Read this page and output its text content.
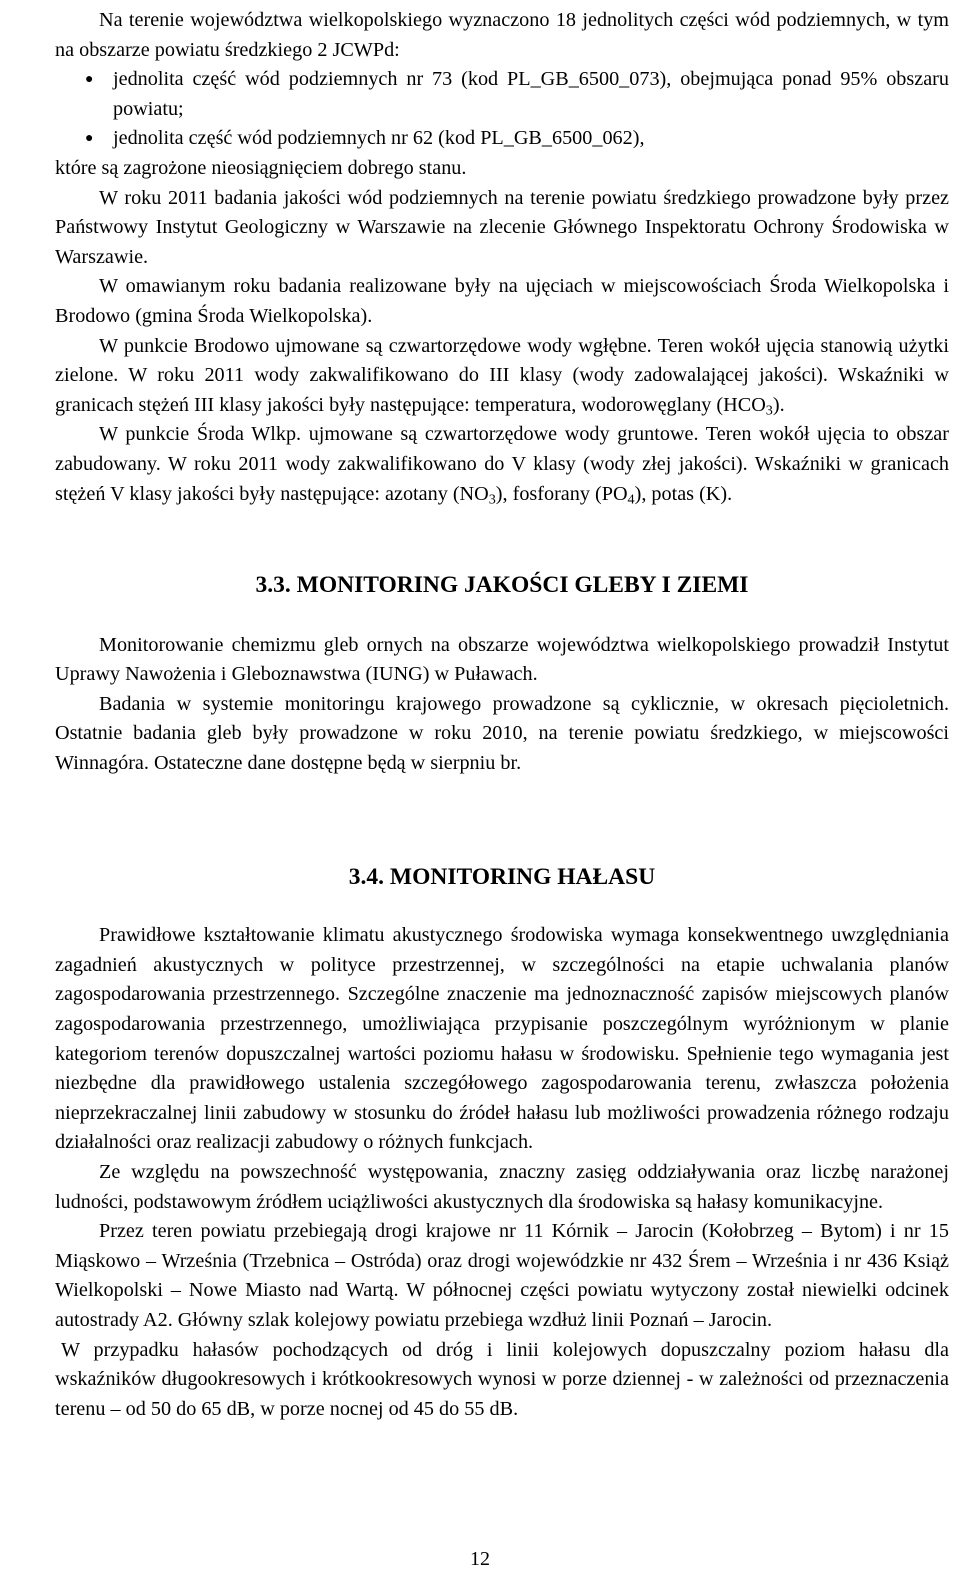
Na terenie województwa wielkopolskiego wyznaczono 18 jednolitych części wód podziemnych, w tym na obszarze powiatu średzkiego 2 JCWPd:

● jednolita część wód podziemnych nr 73 (kod PL_GB_6500_073), obejmująca ponad 95% obszaru powiatu;
● jednolita część wód podziemnych nr 62 (kod PL_GB_6500_062),

które są zagrożone nieosiągnięciem dobrego stanu.

W roku 2011 badania jakości wód podziemnych na terenie powiatu średzkiego prowadzone były przez Państwowy Instytut Geologiczny w Warszawie na zlecenie Głównego Inspektoratu Ochrony Środowiska w Warszawie.

W omawianym roku badania realizowane były na ujęciach w miejscowościach Środa Wielkopolska i Brodowo (gmina Środa Wielkopolska).

W punkcie Brodowo ujmowane są czwartorzędowe wody wgłębne. Teren wokół ujęcia stanowią użytki zielone. W roku 2011 wody zakwalifikowano do III klasy (wody zadowalającej jakości). Wskaźniki w granicach stężeń III klasy jakości były następujące: temperatura, wodorowęglany $(HCO_3)$.

W punkcie Środa Wlkp. ujmowane są czwartorzędowe wody gruntowe. Teren wokół ujęcia to obszar zabudowany. W roku 2011 wody zakwalifikowano do V klasy (wody złej jakości). Wskaźniki w granicach stężeń V klasy jakości były następujące: azotany $(NO_3)$, fosforany $(PO_4)$, potas (K).

3.3. MONITORING JAKOŚCI GLEBY I ZIEMI

Monitorowanie chemizmu gleb ornych na obszarze województwa wielkopolskiego prowadził Instytut Uprawy Nawożenia i Gleboznawstwa (IUNG) w Puławach.

Badania w systemie monitoringu krajowego prowadzone są cyklicznie, w okresach pięcioletnich. Ostatnie badania gleb były prowadzone w roku 2010, na terenie powiatu średzkiego, w miejscowości Winnagóra. Ostateczne dane dostępne będą w sierpniu br.

3.4. MONITORING HAŁASU

Prawidłowe kształtowanie klimatu akustycznego środowiska wymaga konsekwentnego uwzględniania zagadnień akustycznych w polityce przestrzennej, w szczególności na etapie uchwalania planów zagospodarowania przestrzennego. Szczególne znaczenie ma jednoznaczność zapisów miejscowych planów zagospodarowania przestrzennego, umożliwiająca przypisanie poszczególnym wyróżnionym w planie kategoriom terenów dopuszczalnej wartości poziomu hałasu w środowisku. Spełnienie tego wymagania jest niezbędne dla prawidłowego ustalenia szczegółowego zagospodarowania terenu, zwłaszcza położenia nieprzekraczalnej linii zabudowy w stosunku do źródeł hałasu lub możliwości prowadzenia różnego rodzaju działalności oraz realizacji zabudowy o różnych funkcjach.

Ze względu na powszechność występowania, znaczny zasięg oddziaływania oraz liczbę narażonej ludności, podstawowym źródłem uciążliwości akustycznych dla środowiska są hałasy komunikacyjne.

Przez teren powiatu przebiegają drogi krajowe nr 11 Kórnik – Jarocin (Kołobrzeg – Bytom) i nr 15 Miąskowo – Września (Trzebnica – Ostróda) oraz drogi wojewódzkie nr 432 Śrem – Września i nr 436 Książ Wielkopolski – Nowe Miasto nad Wartą. W północnej części powiatu wytyczony został niewielki odcinek autostrady A2. Główny szlak kolejowy powiatu przebiega wzdłuż linii Poznań – Jarocin.

W przypadku hałasów pochodzących od dróg i linii kolejowych dopuszczalny poziom hałasu dla wskaźników długookresowych i krótkookresowych wynosi w porze dziennej - w zależności od przeznaczenia terenu – od 50 do 65 dB, w porze nocnej od 45 do 55 dB.

12
